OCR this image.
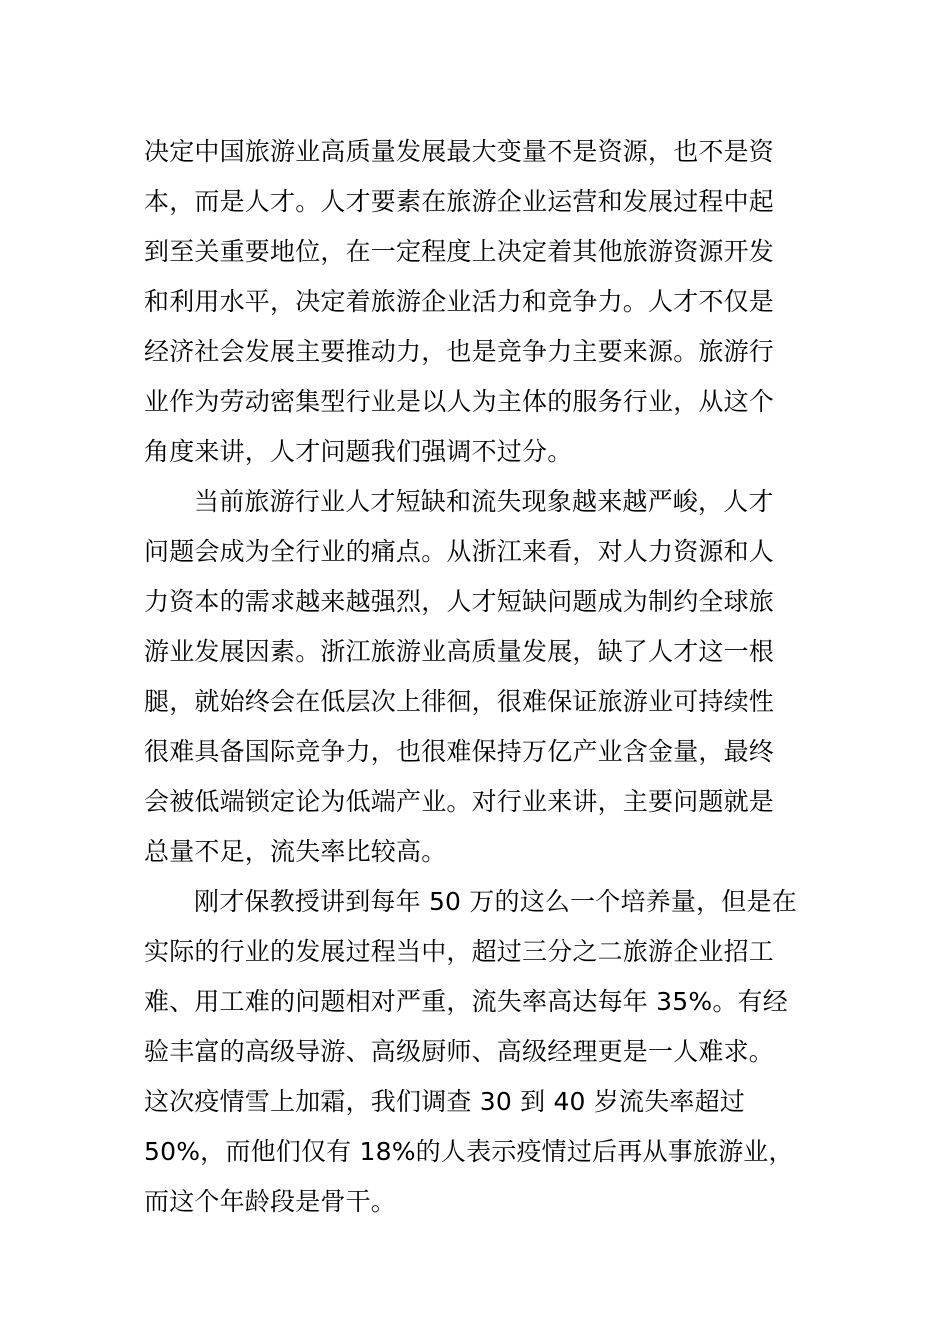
决定中国旅游业高质量发展最大变量不是资源，也不是资
本，而是人才。人才要素在旅游企业运营和发展过程中起
到至关重要地位，在一定程度上决定着其他旅游资源开发
和利用水平，决定着旅游企业活力和竞争力。人才不仅是
经济社会发展主要推动力，也是竞争力主要来源。旅游行
业作为劳动密集型行业是以人为主体的服务行业，从这个
角度来讲，人才问题我们强调不过分。
当前旅游行业人才短缺和流失现象越来越严峻，人才
问题会成为全行业的痛点。从浙江来看，对人力资源和人
力资本的需求越来越强烈，人才短缺问题成为制约全球旅
游业发展因素。浙江旅游业高质量发展，缺了人才这一根
腿，就始终会在低层次上徘徊，很难保证旅游业可持续性
很难具备国际竞争力，也很难保持万亿产业含金量，最终
会被低端锁定论为低端产业。对行业来讲，主要问题就是
总量不足，流失率比较高。
刚才保教授讲到每年 50 万的这么一个培养量，但是在
实际的行业的发展过程当中，超过三分之二旅游企业招工
难、用工难的问题相对严重，流失率高达每年 35%。有经
验丰富的高级导游、高级厨师、高级经理更是一人难求。
这次疫情雪上加霜，我们调查 30 到 40 岁流失率超过
50%，而他们仅有 18%的人表示疫情过后再从事旅游业，
而这个年龄段是骨干。
